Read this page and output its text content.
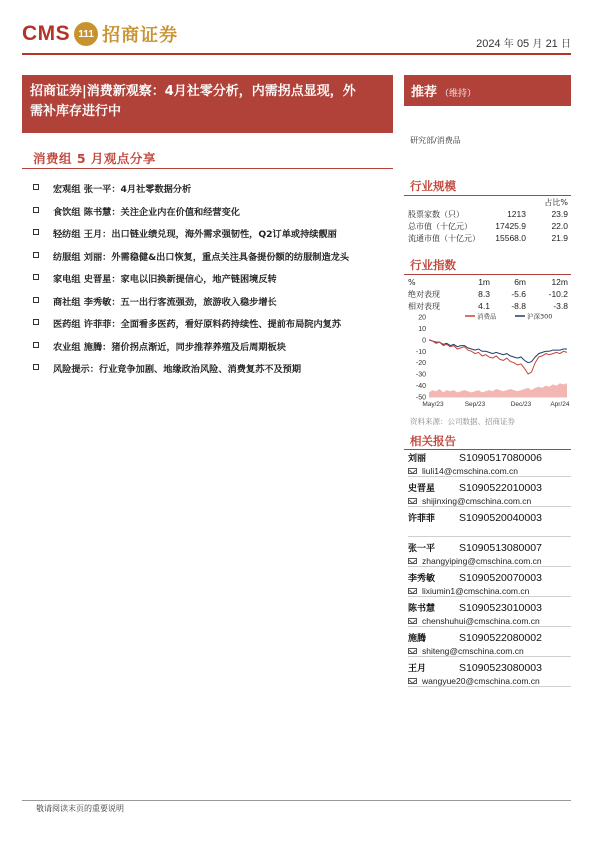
CMS 111 招商证券	2024 年 05 月 21 日
招商证券|消费新观察：4月社零分析，内需拐点显现，外
需补库存进行中
消费组 5 月观点分享
宏观组 张一平：4月社零数据分析
食饮组 陈书慧：关注企业内在价值和经营变化
轻纺组 王月：出口链业绩兑现，海外需求强韧性，Q2订单或持续靓丽
纺服组 刘丽：外需稳健&出口恢复，重点关注具备提份额的纺服制造龙头
家电组 史晋星：家电以旧换新提信心，地产链困境反转
商社组 李秀敏：五一出行客流强劲，旅游收入稳步增长
医药组 许菲菲：全面看多医药，看好原料药持续性、提前布局院内复苏
农业组 施腾：猪价拐点渐近，同步推荐养殖及后周期板块
风险提示：行业竞争加剧、地缘政治风险、消费复苏不及预期
推荐 （维持）
研究部/消费品
行业规模
占比%
股票家数（只）	1213	23.9
总市值（十亿元）	17425.9	22.0
流通市值（十亿元）	15568.0	21.9
行业指数
%	1m	6m	12m
绝对表现	8.3	-5.6	-10.2
相对表现	4.1	-8.8	-3.8
20
10
0
-10
-20
-30
-40
-50
May/23	Sep/23	Dec/23	Apr/24
消费品	沪深300
资料来源：公司数据、招商证券
相关报告
刘丽	S1090517080006
liuli14@cmschina.com.cn
史晋星	S1090522010003
shijinxing@cmschina.com.cn
许菲菲	S1090520040003
张一平	S1090513080007
zhangyiping@cmschina.com.cn
李秀敏	S1090520070003
lixiumin1@cmschina.com.cn
陈书慧	S1090523010003
chenshuhui@cmschina.com.cn
施腾	S1090522080002
shiteng@cmschina.com.cn
王月	S1090523080003
wangyue20@cmschina.com.cn
敬请阅读末页的重要说明
